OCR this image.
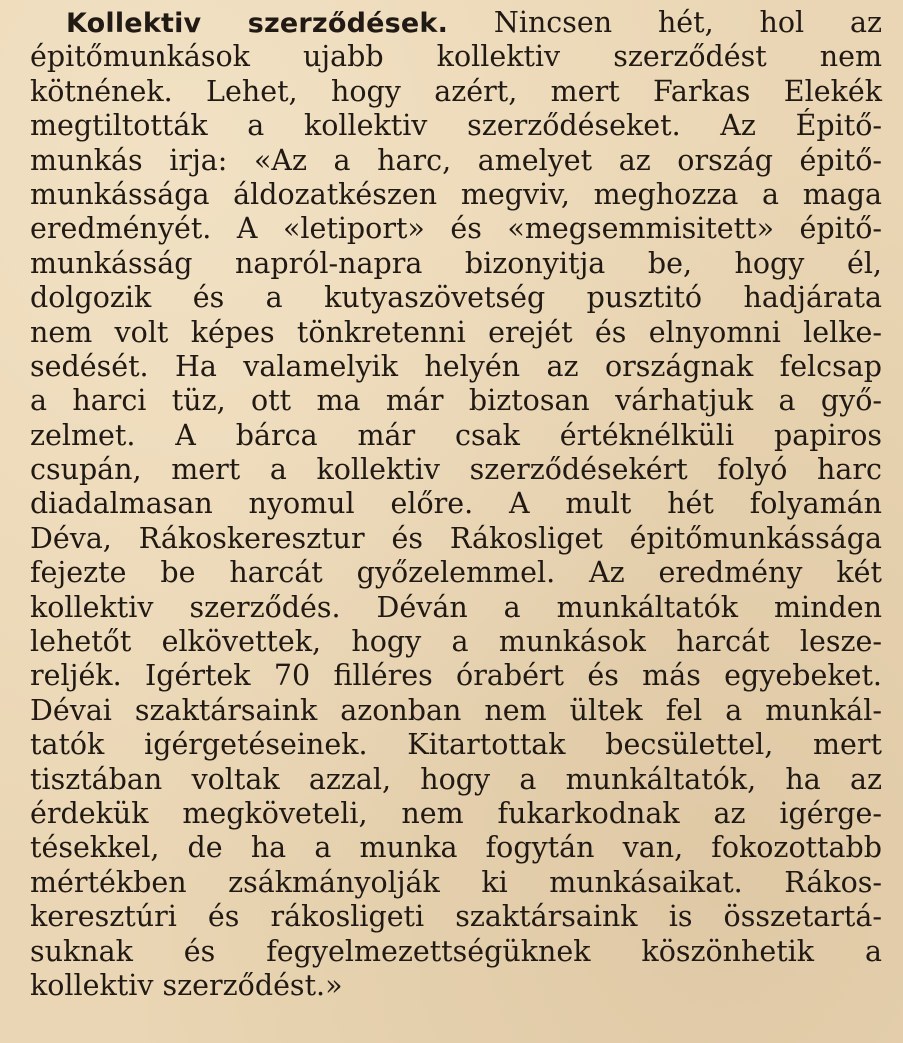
Kollektiv szerződések. Nincsen hét, hol az
épitőmunkások ujabb kollektiv szerződést nem
kötnének. Lehet, hogy azért, mert Farkas Elekék
megtiltották a kollektiv szerződéseket. Az Épitő-
munkás irja: «Az a harc, amelyet az ország épitő-
munkássága áldozatkészen megviv, meghozza a maga
eredményét. A «letiport» és «megsemmisitett» épitő-
munkásság napról-napra bizonyitja be, hogy él,
dolgozik és a kutyaszövetség pusztitó hadjárata
nem volt képes tönkretenni erejét és elnyomni lelke-
sedését. Ha valamelyik helyén az országnak felcsap
a harci tüz, ott ma már biztosan várhatjuk a győ-
zelmet. A bárca már csak értéknélküli papiros
csupán, mert a kollektiv szerződésekért folyó harc
diadalmasan nyomul előre. A mult hét folyamán
Déva, Rákoskeresztur és Rákosliget épitőmunkássága
fejezte be harcát győzelemmel. Az eredmény két
kollektiv szerződés. Déván a munkáltatók minden
lehetőt elkövettek, hogy a munkások harcát lesze-
reljék. Igértek 70 filléres órabért és más egyebeket.
Dévai szaktársaink azonban nem ültek fel a munkál-
tatók igérgetéseinek. Kitartottak becsülettel, mert
tisztában voltak azzal, hogy a munkáltatók, ha az
érdekük megköveteli, nem fukarkodnak az igérge-
tésekkel, de ha a munka fogytán van, fokozottabb
mértékben zsákmányolják ki munkásaikat. Rákos-
keresztúri és rákosligeti szaktársaink is összetartá-
suknak és fegyelmezettségüknek köszönhetik a
kollektiv szerződést.»
